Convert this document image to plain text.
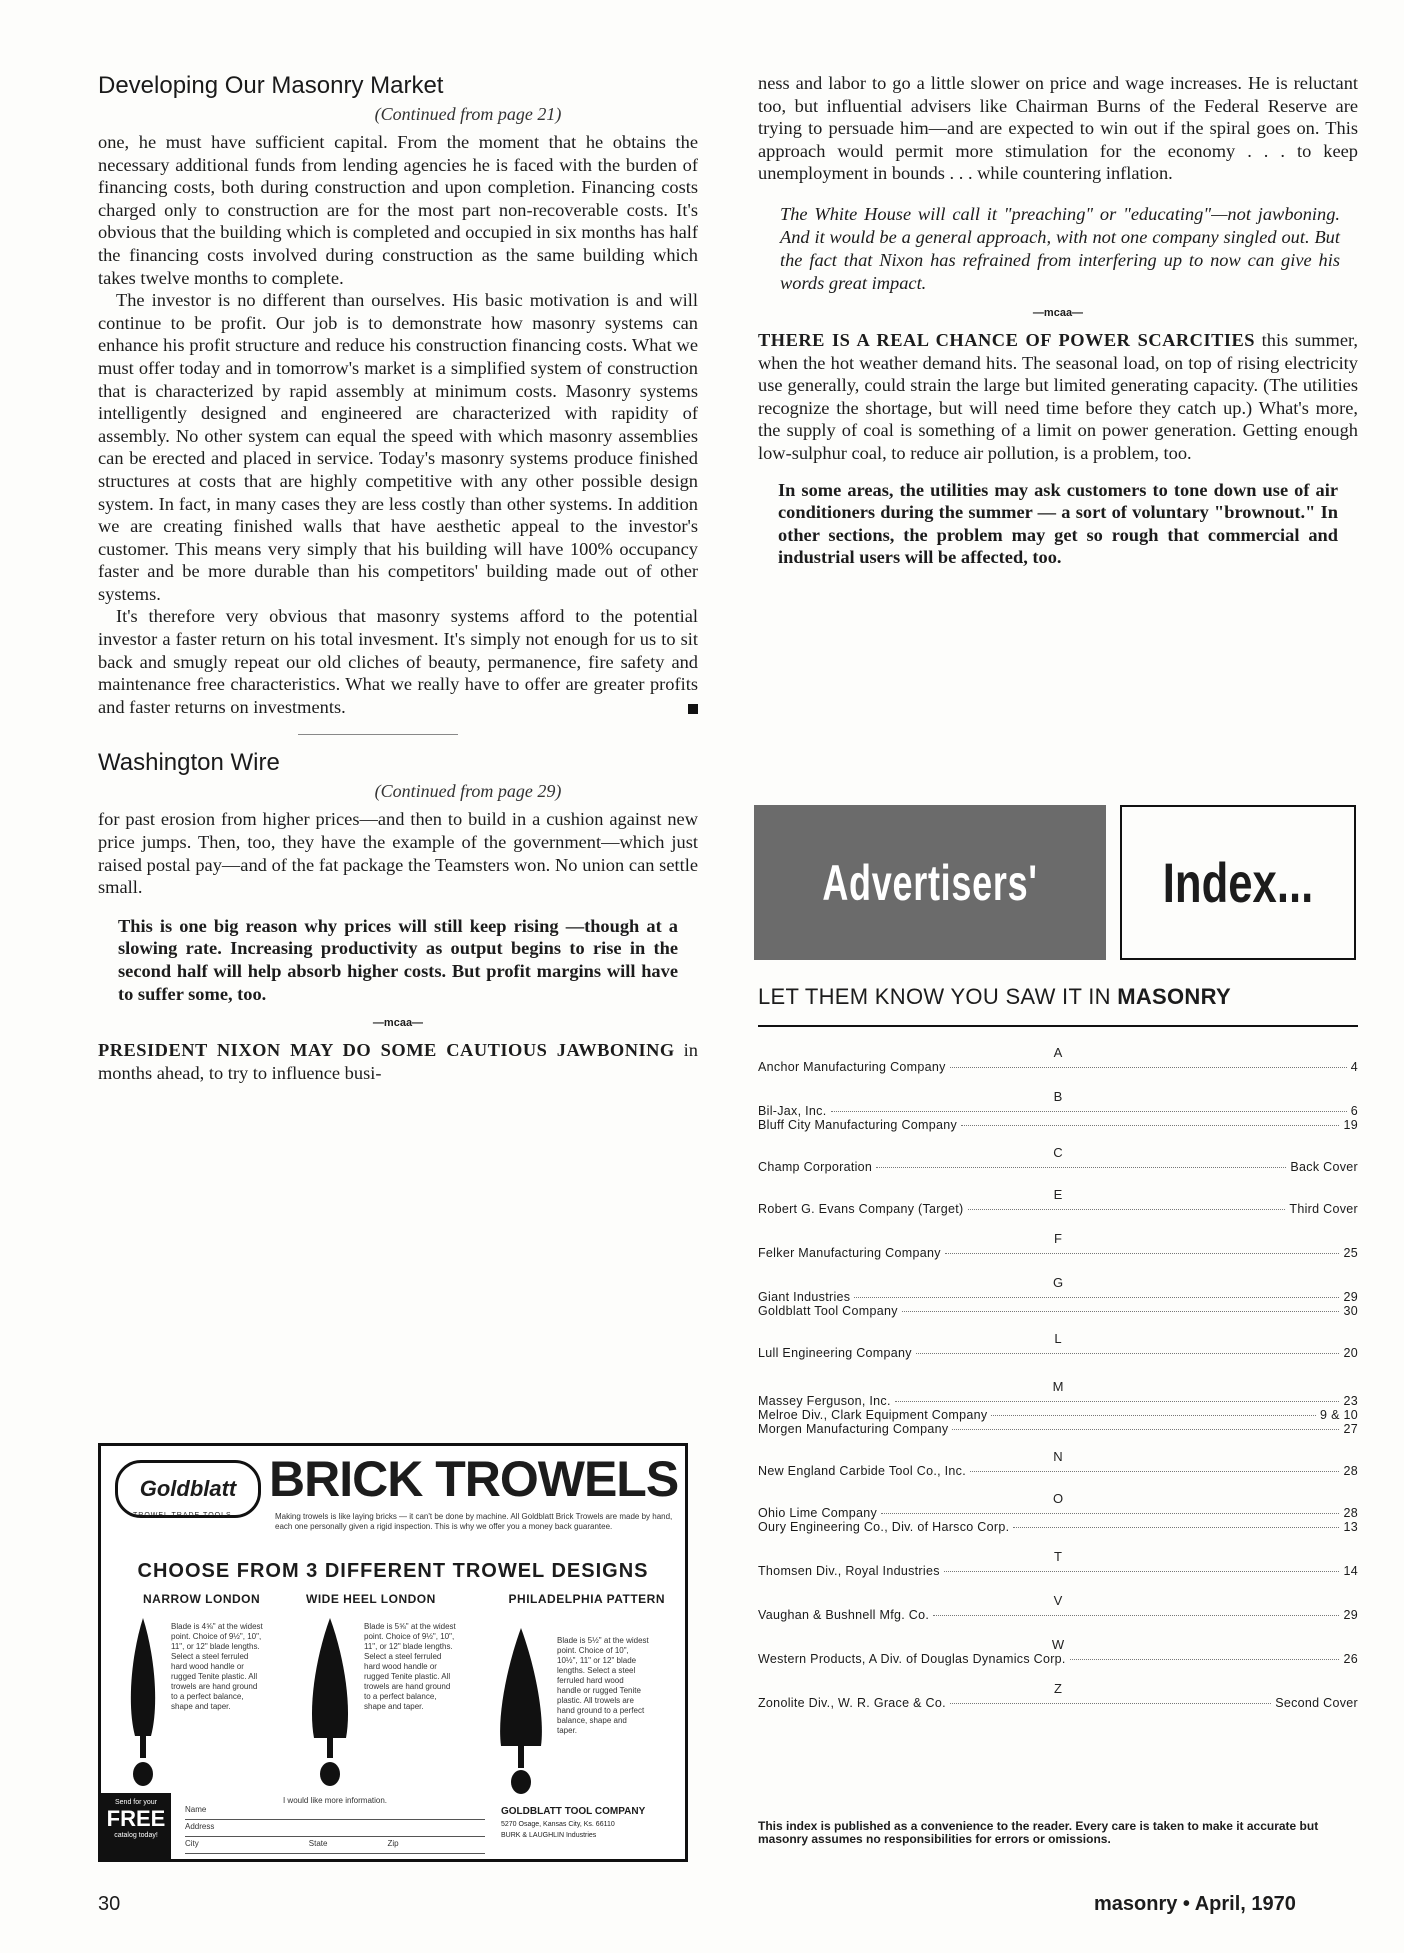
Developing Our Masonry Market
(Continued from page 21)

one, he must have sufficient capital. From the moment that he obtains the necessary additional funds from lending agencies he is faced with the burden of financing costs, both during construction and upon completion. Financing costs charged only to construction are for the most part non-recoverable costs. It's obvious that the building which is completed and occupied in six months has half the financing costs involved during construction as the same building which takes twelve months to complete.

The investor is no different than ourselves. His basic motivation is and will continue to be profit. Our job is to demonstrate how masonry systems can enhance his profit structure and reduce his construction financing costs. What we must offer today and in tomorrow's market is a simplified system of construction that is characterized by rapid assembly at minimum costs. Masonry systems intelligently designed and engineered are characterized with rapidity of assembly. No other system can equal the speed with which masonry assemblies can be erected and placed in service. Today's masonry systems produce finished structures at costs that are highly competitive with any other possible design system. In fact, in many cases they are less costly than other systems. In addition we are creating finished walls that have aesthetic appeal to the investor's customer. This means very simply that his building will have 100% occupancy faster and be more durable than his competitors' building made out of other systems.

It's therefore very obvious that masonry systems afford to the potential investor a faster return on his total invesment. It's simply not enough for us to sit back and smugly repeat our old cliches of beauty, permanence, fire safety and maintenance free characteristics. What we really have to offer are greater profits and faster returns on investments.

Washington Wire
(Continued from page 29)

for past erosion from higher prices—and then to build in a cushion against new price jumps. Then, too, they have the example of the government—which just raised postal pay—and of the fat package the Teamsters won. No union can settle small.

This is one big reason why prices will still keep rising —though at a slowing rate. Increasing productivity as output begins to rise in the second half will help absorb higher costs. But profit margins will have to suffer some, too.
—mcaa—

PRESIDENT NIXON MAY DO SOME CAUTIOUS JAWBONING in months ahead, to try to influence busi-

ness and labor to go a little slower on price and wage increases. He is reluctant too, but influential advisers like Chairman Burns of the Federal Reserve are trying to persuade him—and are expected to win out if the spiral goes on. This approach would permit more stimulation for the economy . . . to keep unemployment in bounds . . . while countering inflation.

The White House will call it "preaching" or "educating"—not jawboning. And it would be a general approach, with not one company singled out. But the fact that Nixon has refrained from interfering up to now can give his words great impact.
—mcaa—

THERE IS A REAL CHANCE OF POWER SCARCITIES this summer, when the hot weather demand hits. The seasonal load, on top of rising electricity use generally, could strain the large but limited generating capacity. (The utilities recognize the shortage, but will need time before they catch up.) What's more, the supply of coal is something of a limit on power generation. Getting enough low-sulphur coal, to reduce air pollution, is a problem, too.

In some areas, the utilities may ask customers to tone down use of air conditioners during the summer — a sort of voluntary "brownout." In other sections, the problem may get so rough that commercial and industrial users will be affected, too.
Goldblatt
TROWEL TRADE TOOLS
BRICK TROWELS
Making trowels is like laying bricks — it can't be done by machine. All Goldblatt Brick Trowels are made by hand, each one personally given a rigid inspection. This is why we offer you a money back guarantee.
CHOOSE FROM 3 DIFFERENT TROWEL DESIGNS
NARROW LONDON
Blade is 4⅝" at the widest point. Choice of 9½", 10", 11", or 12" blade lengths. Select a steel ferruled hard wood handle or rugged Tenite plastic. All trowels are hand ground to a perfect balance, shape and taper.
WIDE HEEL LONDON
Blade is 5⅝" at the widest point. Choice of 9½", 10", 11", or 12" blade lengths. Select a steel ferruled hard wood handle or rugged Tenite plastic. All trowels are hand ground to a perfect balance, shape and taper.
PHILADELPHIA PATTERN
Blade is 5½" at the widest point. Choice of 10", 10½", 11" or 12" blade lengths. Select a steel ferruled hard wood handle or rugged Tenite plastic. All trowels are hand ground to a perfect balance, shape and taper.
Send for your
FREE
catalog today!
I would like more information.
Name
Address
City	State	Zip
GOLDBLATT TOOL COMPANY
5270 Osage, Kansas City, Ks. 66110
BURK & LAUGHLIN Industries
Advertisers'	Index...
LET THEM KNOW YOU SAW IT IN MASONRY
A
Anchor Manufacturing Company	4
B
Bil-Jax, Inc.	6
Bluff City Manufacturing Company	19
C
Champ Corporation	Back Cover
E
Robert G. Evans Company (Target)	Third Cover
F
Felker Manufacturing Company	25
G
Giant Industries	29
Goldblatt Tool Company	30
L
Lull Engineering Company	20
M
Massey Ferguson, Inc.	23
Melroe Div., Clark Equipment Company	9 & 10
Morgen Manufacturing Company	27
N
New England Carbide Tool Co., Inc.	28
O
Ohio Lime Company	28
Oury Engineering Co., Div. of Harsco Corp.	13
T
Thomsen Div., Royal Industries	14
V
Vaughan & Bushnell Mfg. Co.	29
W
Western Products, A Div. of Douglas Dynamics Corp.	26
Z
Zonolite Div., W. R. Grace & Co.	Second Cover
This index is published as a convenience to the reader. Every care is taken to make it accurate but masonry assumes no responsibilities for errors or omissions.
30	masonry • April, 1970
